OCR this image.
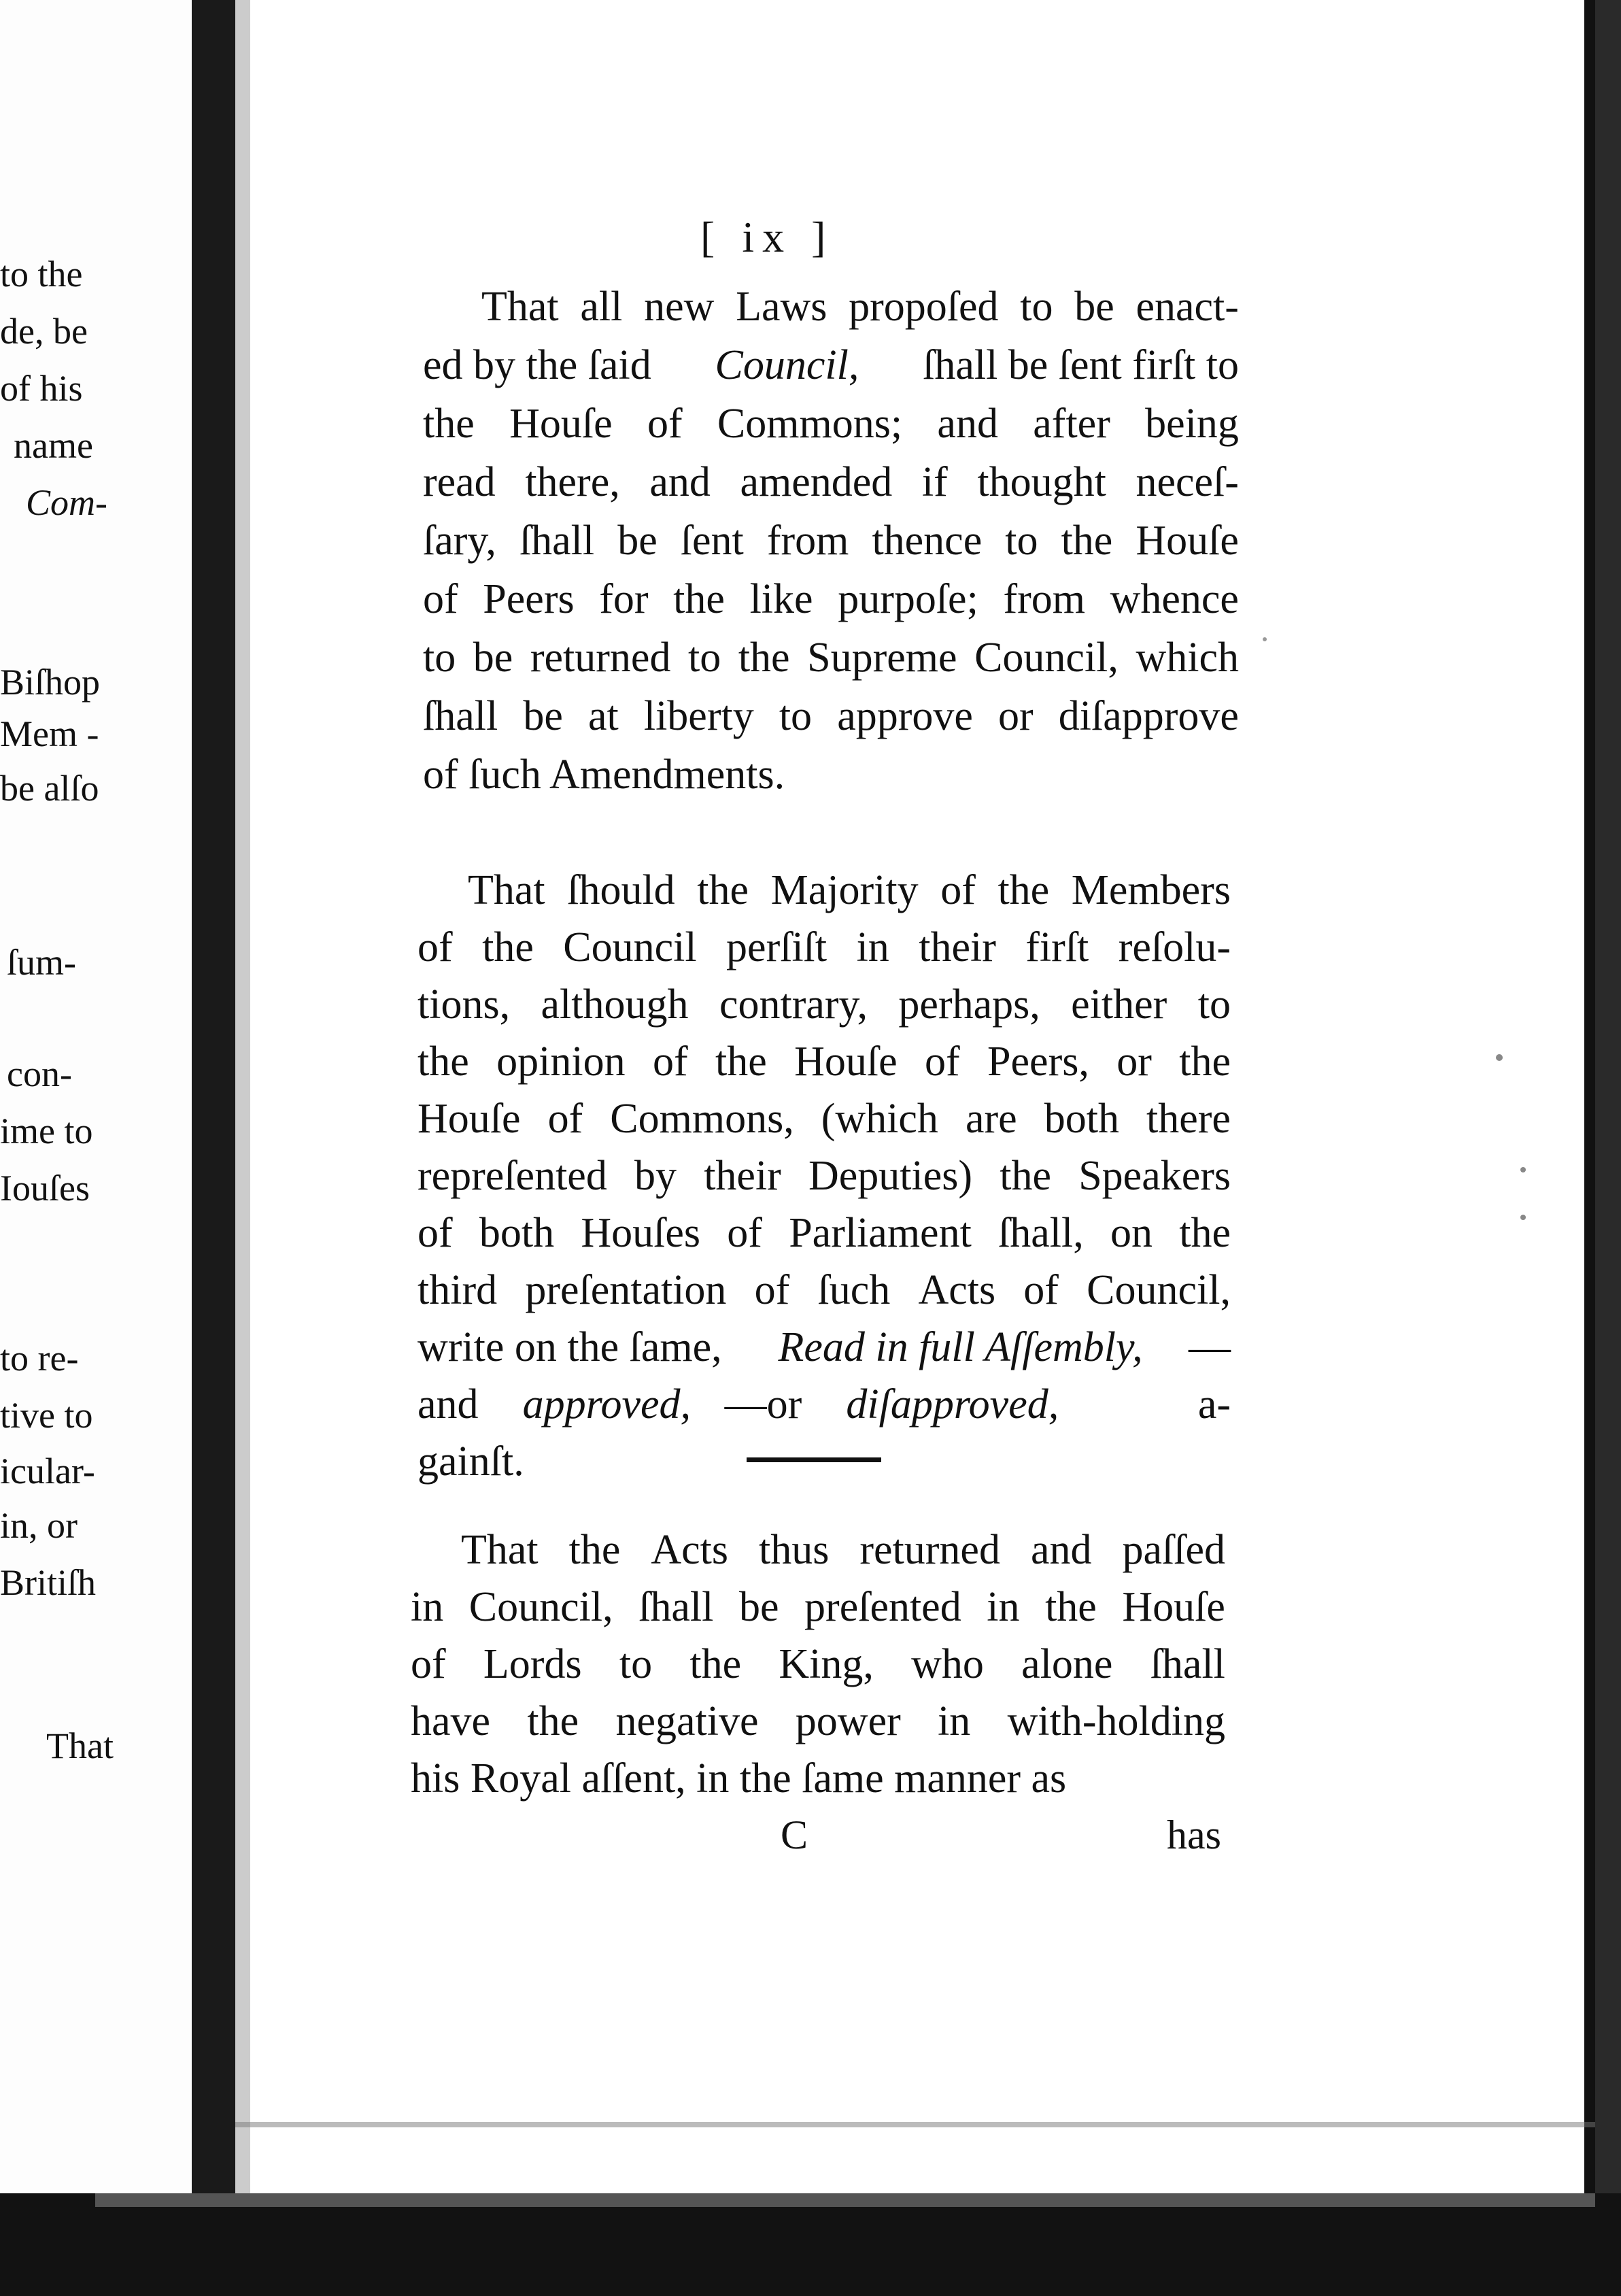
to the
de, be
of his
name
Com-
Biſhop
Mem -
be alſo
ſum-
con-
ime to
Iouſes
to re-
tive to
icular-
in, or
Britiſh
That
[ ix ]
That all new Laws propoſed to be enact-
ed by the ſaid Council, ſhall be ſent firſt to
the Houſe of Commons; and after being
read there, and amended if thought neceſ-
ſary, ſhall be ſent from thence to the Houſe
of Peers for the like purpoſe; from whence
to be returned to the Supreme Council, which
ſhall be at liberty to approve or diſapprove
of ſuch Amendments.
That ſhould the Majority of the Members
of the Council perſiſt in their firſt reſolu-
tions, although contrary, perhaps, either to
the opinion of the Houſe of Peers, or the
Houſe of Commons, (which are both there
repreſented by their Deputies) the Speakers
of both Houſes of Parliament ſhall, on the
third preſentation of ſuch Acts of Council,
write on the ſame, Read in full Aſſembly, —
and approved, —or diſapproved, a-
gainſt.
That the Acts thus returned and paſſed
in Council, ſhall be preſented in the Houſe
of Lords to the King, who alone ſhall
have the negative power in with-holding
his Royal aſſent, in the ſame manner as
C	has
